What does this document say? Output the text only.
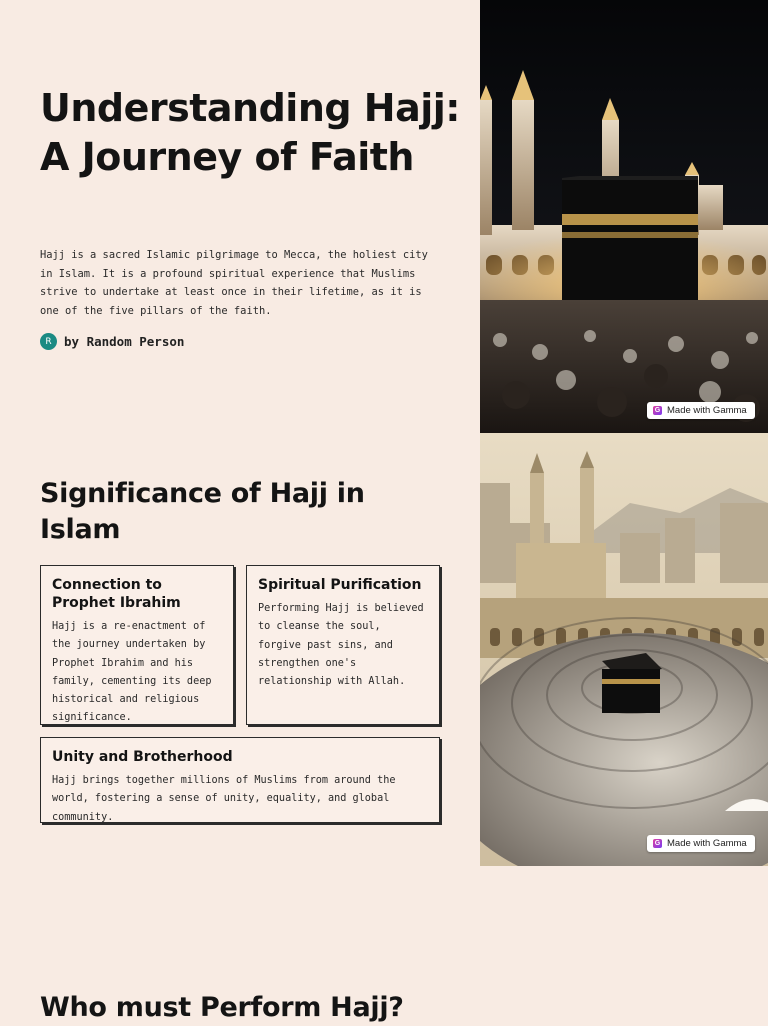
Understanding Hajj: A Journey of Faith

Hajj is a sacred Islamic pilgrimage to Mecca, the holiest city in Islam. It is a profound spiritual experience that Muslims strive to undertake at least once in their lifetime, as it is one of the five pillars of the faith.

R by Random Person
G Made with Gamma
G Made with Gamma
Significance of Hajj in Islam
Connection to Prophet Ibrahim

Hajj is a re-enactment of the journey undertaken by Prophet Ibrahim and his family, cementing its deep historical and religious significance.

Spiritual Purification

Performing Hajj is believed to cleanse the soul, forgive past sins, and strengthen one's relationship with Allah.

Unity and Brotherhood

Hajj brings together millions of Muslims from around the world, fostering a sense of unity, equality, and global community.

Who must Perform Hajj?
